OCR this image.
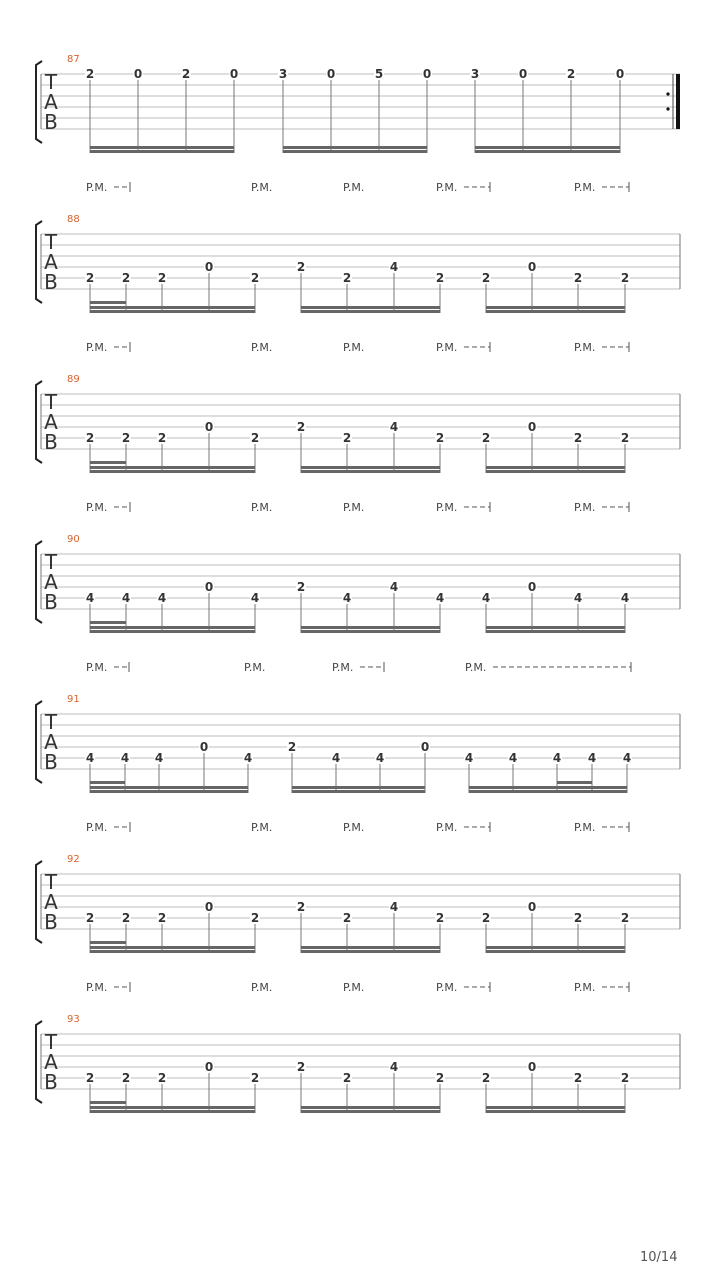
87
T
A
B
2	0	2	0	3	0	5	0	3	0	2	0
88
T
A
B 2 2 2
0
2
2
2
4
2	2
0
2	2
P.M.	P.M.	P.M.	P.M.	P.M.
89
T
A
B 2 2 2
0
2
2
2
4
2	2
0
2	2
P.M.	P.M.	P.M.	P.M.	P.M.
90
T
A
B 4 4 4
0
4
2
4
4
4	4
0
4	4
P.M.	P.M.	P.M.	P.M.	P.M.
91
T
A
B 4 4 4
0
4
2
4	4
0
4	4	4 4 4
P.M.	P.M.	P.M.	P.M.
92
T
A
B 2 2 2
0
2
2
2
4
2	2
0
2	2
P.M.	P.M.	P.M.	P.M.	P.M.
93
T
A
B 2 2 2
0
2
2
2
4
2	2
0
2	2
P.M.	P.M.	P.M.	P.M.	P.M.
10/14
